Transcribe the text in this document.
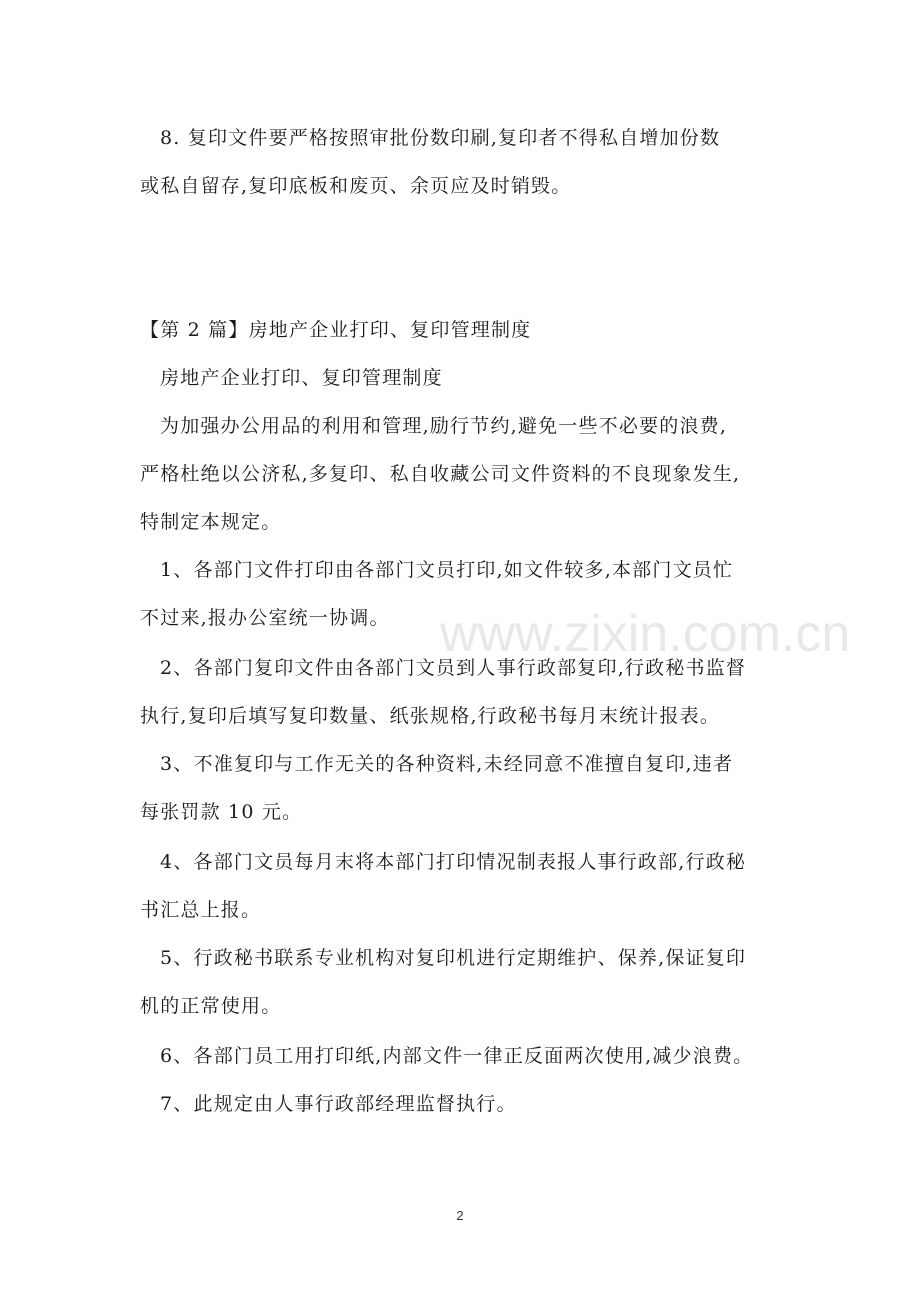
8. 复印文件要严格按照审批份数印刷,复印者不得私自增加份数
或私自留存,复印底板和废页、余页应及时销毁。
【第 2 篇】房地产企业打印、复印管理制度
房地产企业打印、复印管理制度
为加强办公用品的利用和管理,励行节约,避免一些不必要的浪费,
严格杜绝以公济私,多复印、私自收藏公司文件资料的不良现象发生,
特制定本规定。
1、各部门文件打印由各部门文员打印,如文件较多,本部门文员忙
不过来,报办公室统一协调。
2、各部门复印文件由各部门文员到人事行政部复印,行政秘书监督
执行,复印后填写复印数量、纸张规格,行政秘书每月末统计报表。
3、不准复印与工作无关的各种资料,未经同意不准擅自复印,违者
每张罚款 10 元。
4、各部门文员每月末将本部门打印情况制表报人事行政部,行政秘
书汇总上报。
5、行政秘书联系专业机构对复印机进行定期维护、保养,保证复印
机的正常使用。
6、各部门员工用打印纸,内部文件一律正反面两次使用,减少浪费。
7、此规定由人事行政部经理监督执行。
www.zixin.com.cn
2
